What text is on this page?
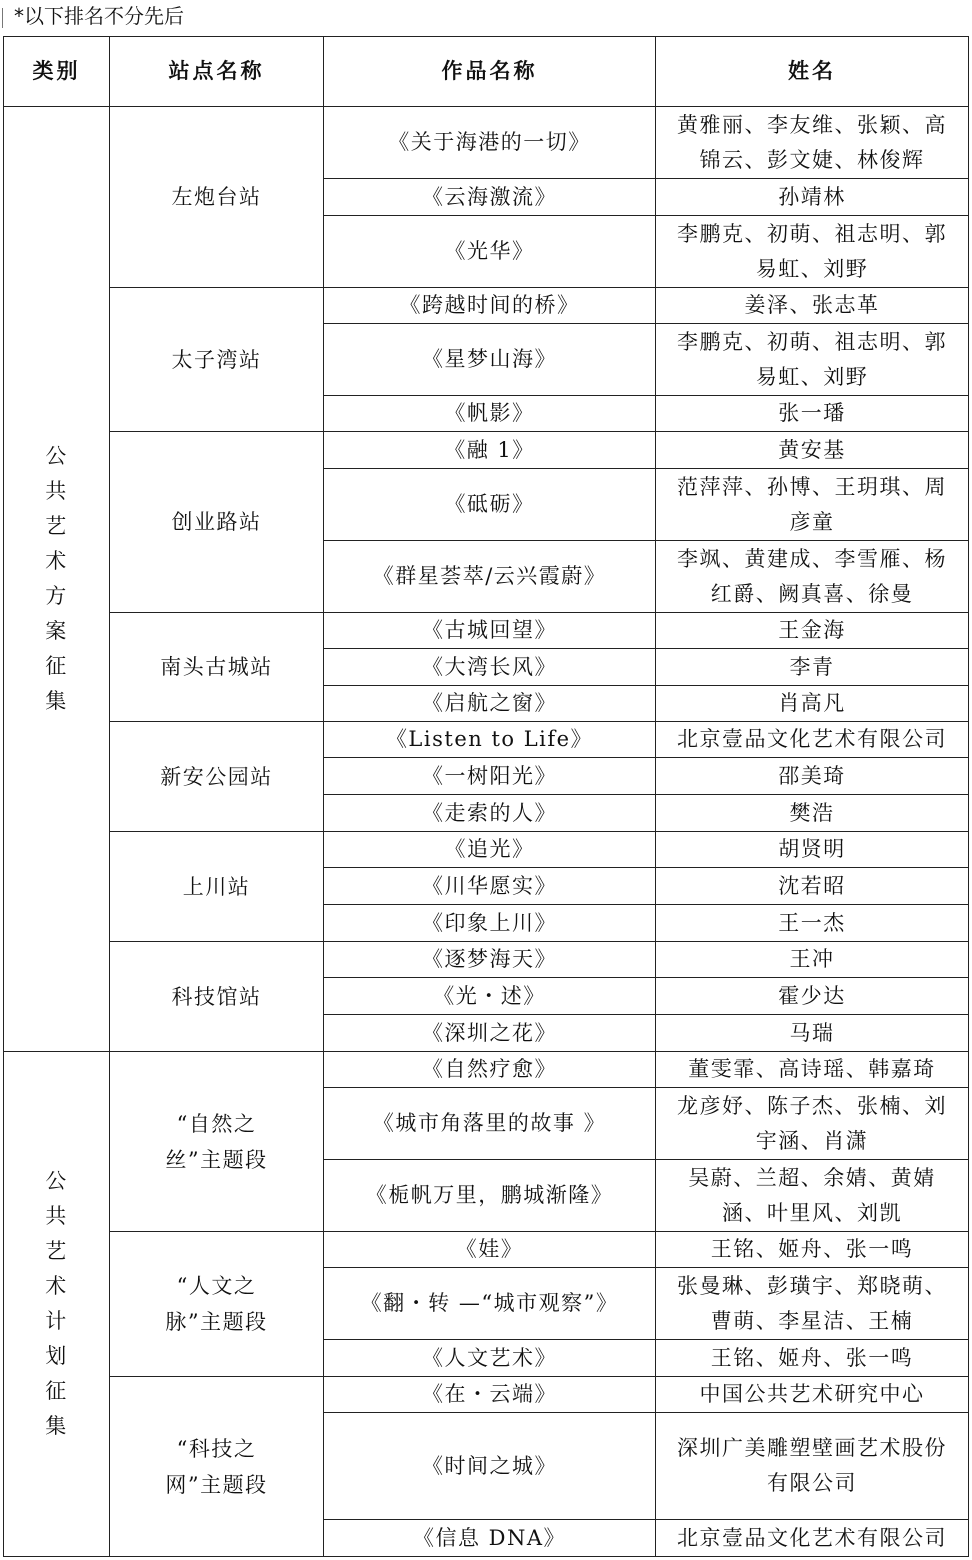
*以下排名不分先后
类别	站点名称	作品名称	姓名

公共艺术方案征集	左炮台站	《关于海港的一切》	黄雅丽、李友维、张颖、高锦云、彭文婕、林俊辉
		《云海激流》	孙靖林
		《光华》	李鹏克、初萌、祖志明、郭易虹、刘野
	太子湾站	《跨越时间的桥》	姜泽、张志革
		《星梦山海》	李鹏克、初萌、祖志明、郭易虹、刘野
		《帆影》	张一璠
	创业路站	《融 1》	黄安基
		《砥砺》	范萍萍、孙博、王玥琪、周彦童
		《群星荟萃/云兴霞蔚》	李飒、黄建成、李雪雁、杨红爵、阙真喜、徐曼
	南头古城站	《古城回望》	王金海
		《大湾长风》	李青
		《启航之窗》	肖高凡
	新安公园站	《Listen to Life》	北京壹品文化艺术有限公司
		《一树阳光》	邵美琦
		《走索的人》	樊浩
	上川站	《追光》	胡贤明
		《川华愿实》	沈若昭
		《印象上川》	王一杰
	科技馆站	《逐梦海天》	王冲
		《光・述》	霍少达
		《深圳之花》	马瑞

公共艺术计划征集	“自然之丝”主题段	《自然疗愈》	董雯霏、高诗瑶、韩嘉琦
		《城市角落里的故事 》	龙彦妤、陈子杰、张楠、刘宇涵、肖潇
		《栀帆万里，鹏城渐隆》	吴蔚、兰超、余婧、黄婧涵、叶里风、刘凯
	“人文之脉”主题段	《娃》	王铭、姬舟、张一鸣
		《翻・转 —“城市观察”》	张曼琳、彭璜宇、郑晓萌、曹萌、李星洁、王楠
		《人文艺术》	王铭、姬舟、张一鸣
	“科技之网”主题段	《在・云端》	中国公共艺术研究中心
		《时间之城》	深圳广美雕塑壁画艺术股份有限公司
		《信息 DNA》	北京壹品文化艺术有限公司
